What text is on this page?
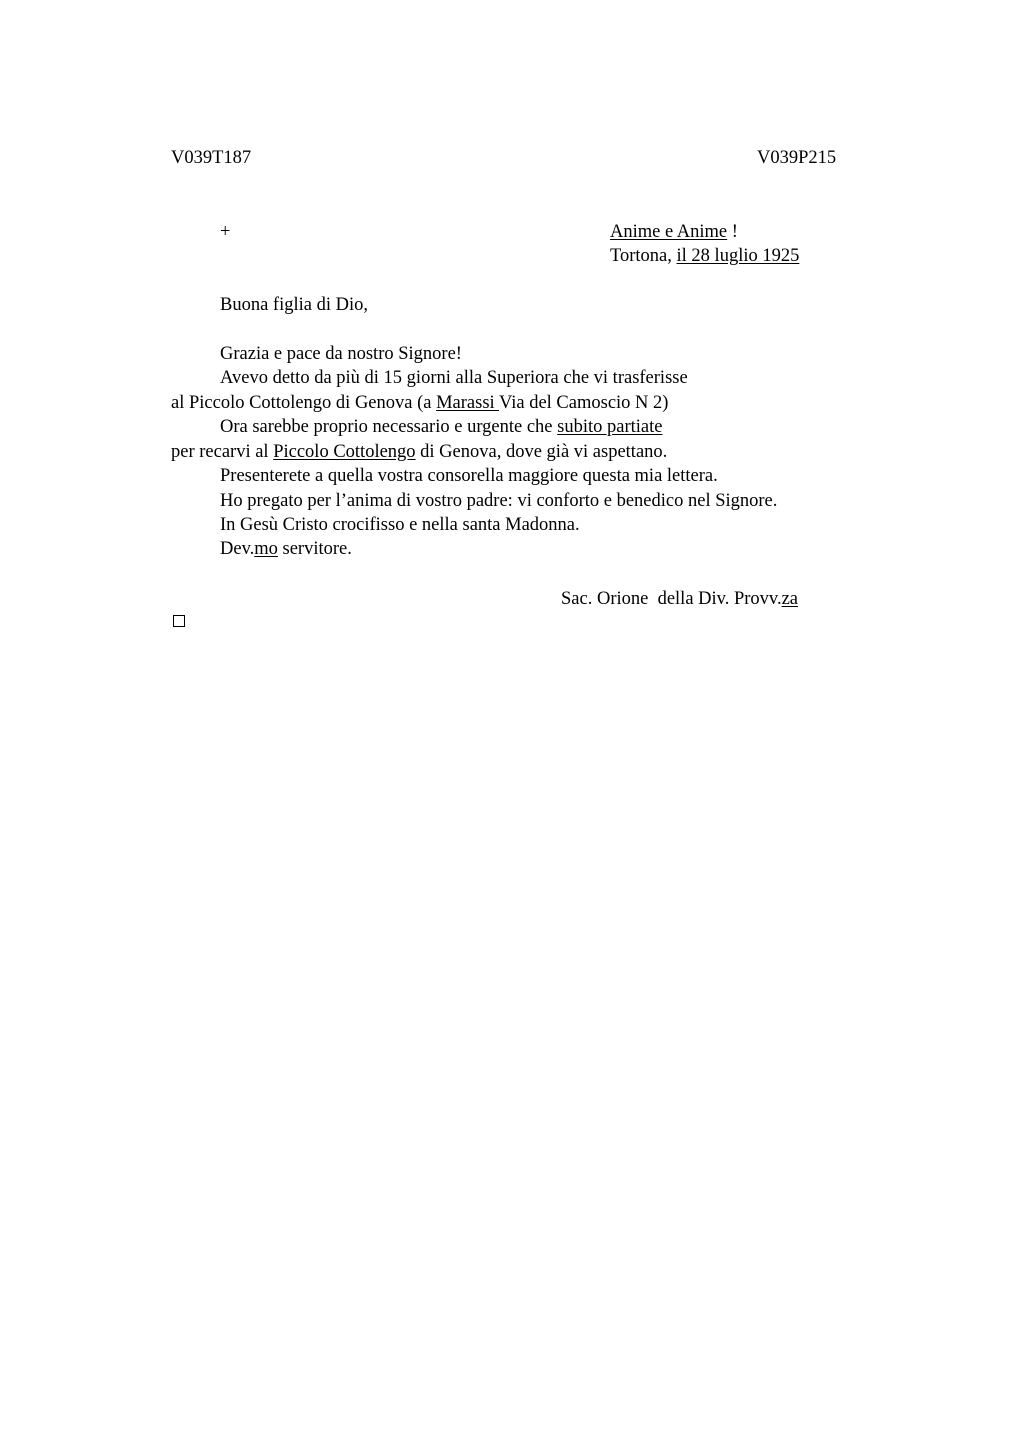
V039T187	V039P215
+	Anime e Anime !
Tortona, il 28 luglio 1925
Buona figlia di Dio,
Grazia e pace da nostro Signore!
Avevo detto da più di 15 giorni alla Superiora che vi trasferisse
al Piccolo Cottolengo di Genova (a Marassi Via del Camoscio N 2)
Ora sarebbe proprio necessario e urgente che subito partiate
per recarvi al Piccolo Cottolengo di Genova, dove già vi aspettano.
Presenterete a quella vostra consorella maggiore questa mia lettera.
Ho pregato per l’anima di vostro padre: vi conforto e benedico nel Signore.
In Gesù Cristo crocifisso e nella santa Madonna.
Dev.mo servitore.
Sac. Orione  della Div. Provv.za
